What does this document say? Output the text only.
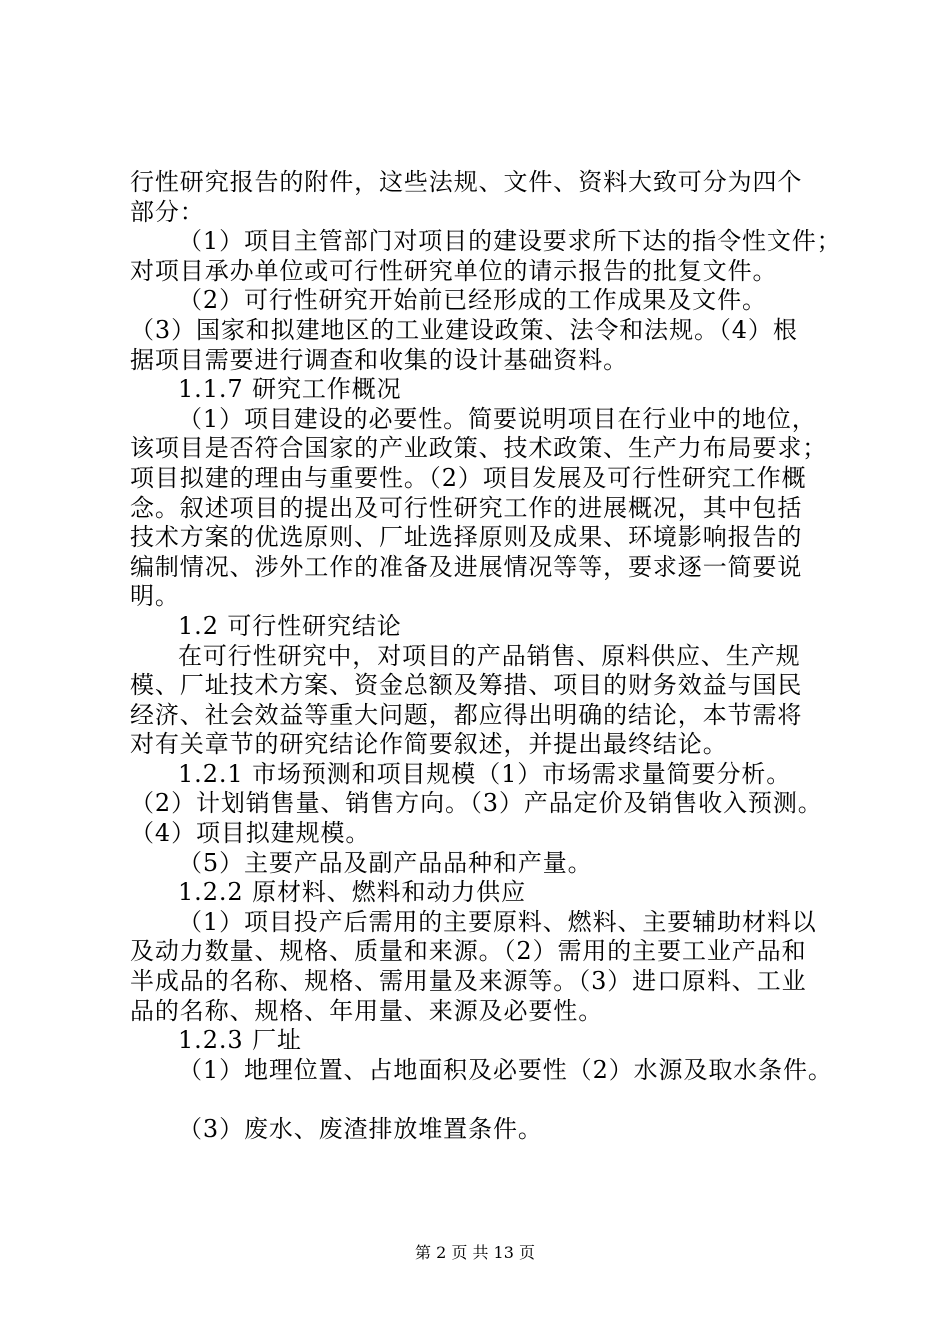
行性研究报告的附件，这些法规、文件、资料大致可分为四个
部分：
（1）项目主管部门对项目的建设要求所下达的指令性文件；
对项目承办单位或可行性研究单位的请示报告的批复文件。
（2）可行性研究开始前已经形成的工作成果及文件。
（3）国家和拟建地区的工业建设政策、法令和法规。（4）根
据项目需要进行调查和收集的设计基础资料。
1.1.7 研究工作概况
（1）项目建设的必要性。简要说明项目在行业中的地位，
该项目是否符合国家的产业政策、技术政策、生产力布局要求；
项目拟建的理由与重要性。（2）项目发展及可行性研究工作概
念。叙述项目的提出及可行性研究工作的进展概况，其中包括
技术方案的优选原则、厂址选择原则及成果、环境影响报告的
编制情况、涉外工作的准备及进展情况等等，要求逐一简要说
明。
1.2 可行性研究结论
在可行性研究中，对项目的产品销售、原料供应、生产规
模、厂址技术方案、资金总额及筹措、项目的财务效益与国民
经济、社会效益等重大问题，都应得出明确的结论，本节需将
对有关章节的研究结论作简要叙述，并提出最终结论。
1.2.1 市场预测和项目规模（1）市场需求量简要分析。
（2）计划销售量、销售方向。（3）产品定价及销售收入预测。
（4）项目拟建规模。
（5）主要产品及副产品品种和产量。
1.2.2 原材料、燃料和动力供应
（1）项目投产后需用的主要原料、燃料、主要辅助材料以
及动力数量、规格、质量和来源。（2）需用的主要工业产品和
半成品的名称、规格、需用量及来源等。（3）进口原料、工业
品的名称、规格、年用量、来源及必要性。
1.2.3 厂址
（1）地理位置、占地面积及必要性（2）水源及取水条件。
（3）废水、废渣排放堆置条件。
第 2 页 共 13 页
